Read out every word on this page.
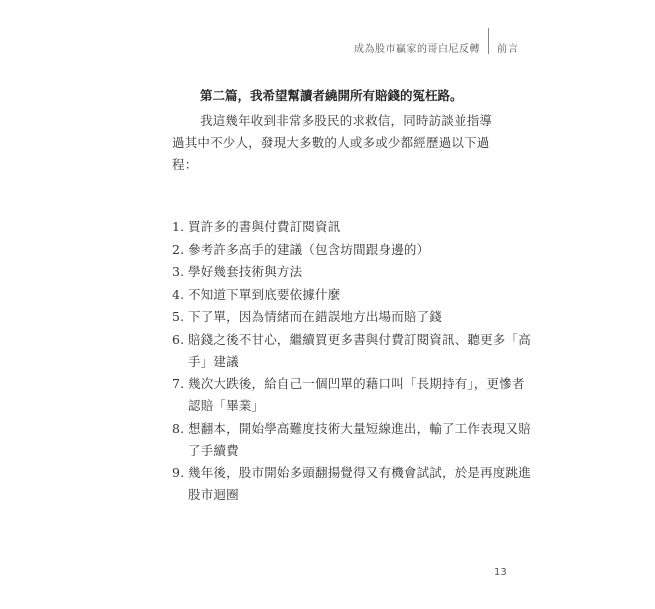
成為股市贏家的哥白尼反轉 前言

第二篇，我希望幫讀者繞開所有賠錢的冤枉路。

我這幾年收到非常多股民的求救信，同時訪談並指導過其中不少人，發現大多數的人或多或少都經歷過以下過程：

1. 買許多的書與付費訂閱資訊
2. 參考許多高手的建議（包含坊間跟身邊的）
3. 學好幾套技術與方法
4. 不知道下單到底要依據什麼
5. 下了單，因為情緒而在錯誤地方出場而賠了錢
6. 賠錢之後不甘心，繼續買更多書與付費訂閱資訊、聽更多「高
手」建議
7. 幾次大跌後，給自己一個凹單的藉口叫「長期持有」，更慘者
認賠「畢業」
8. 想翻本，開始學高難度技術大量短線進出，輸了工作表現又賠
了手續費
9. 幾年後，股市開始多頭翻揚覺得又有機會試試，於是再度跳進
股市迴圈
13
